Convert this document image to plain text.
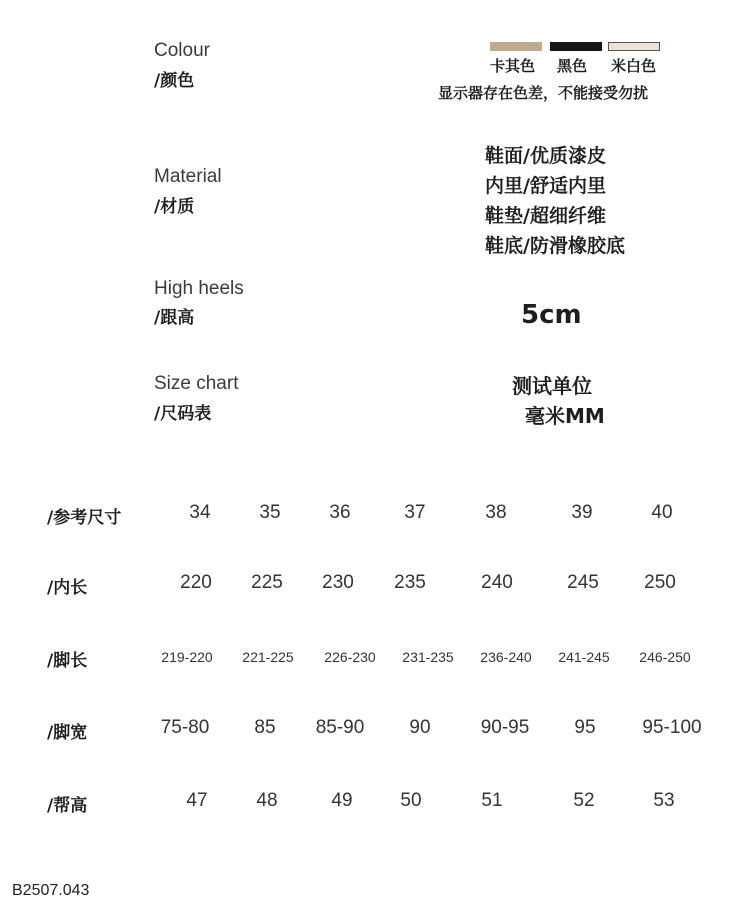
Colour
/颜色
卡其色 黑色 米白色
显示器存在色差，不能接受勿扰
Material
/材质
鞋面/优质漆皮
内里/舒适内里
鞋垫/超细纤维
鞋底/防滑橡胶底
High heels
/跟高	5cm
Size chart
/尺码表
测试单位
毫米MM
/参考尺寸	34	35	36	37	38	39	40
/内长	220 225 230 235	240	245 250
/脚长	219-220 221-225 226-230 231-235 236-240 241-245 246-250
/脚宽	75-80 85 85-90 90	90-95 95 95-100
/帮高	47	48	49	50	51	52	53
B2507.043
